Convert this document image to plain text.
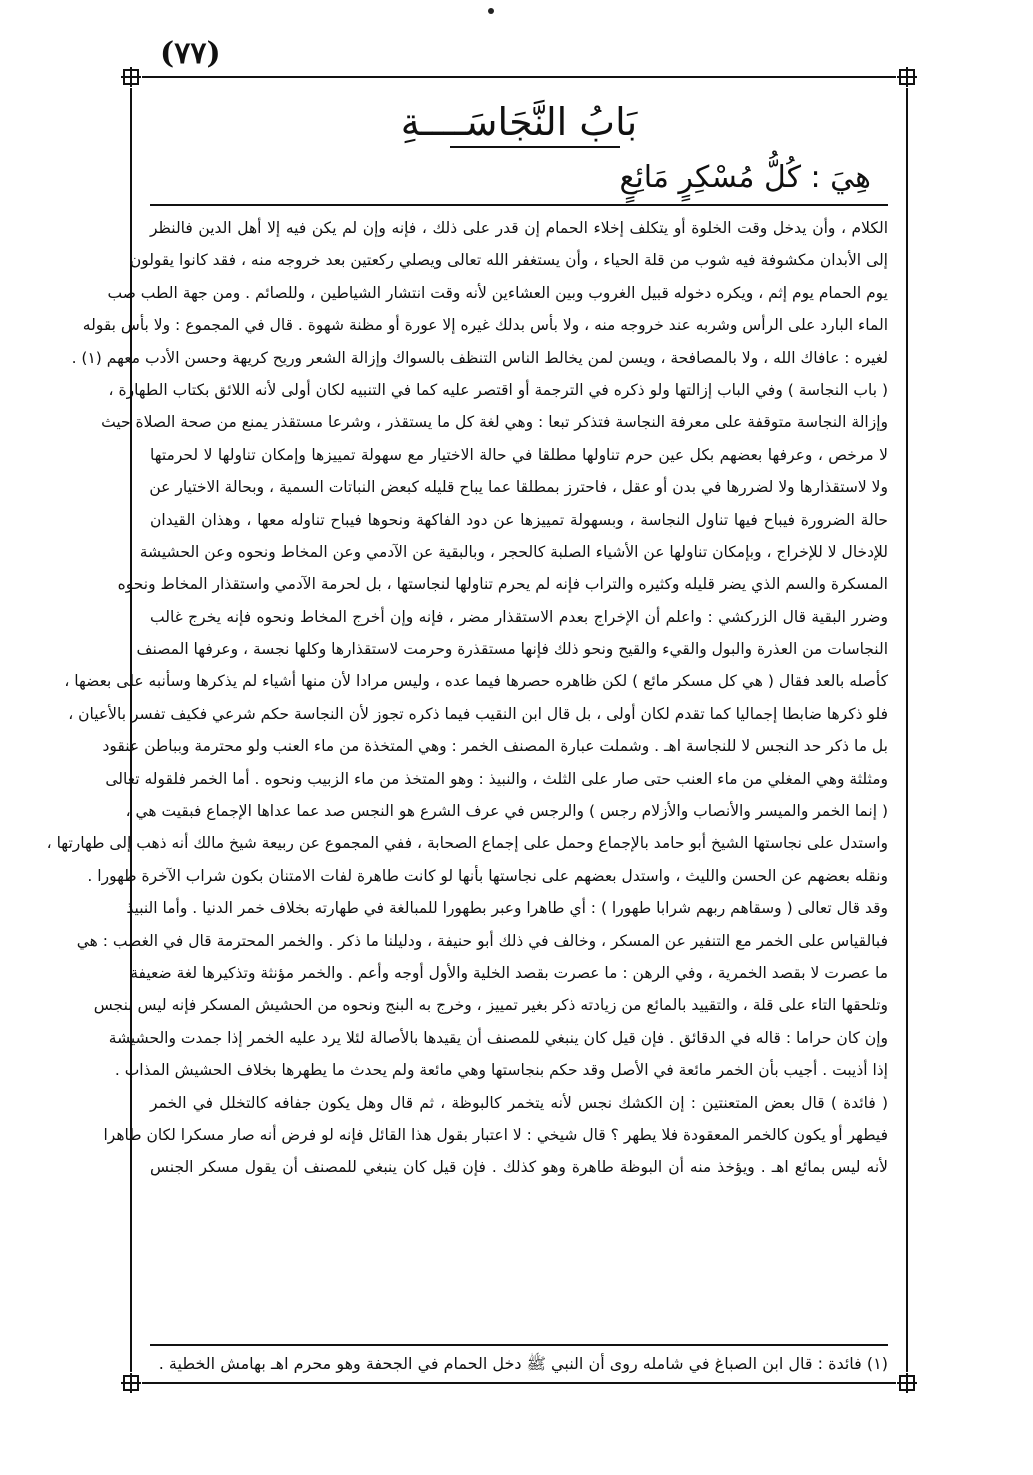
(٧٧)
بَابُ النَّجَاسَــــةِ
هِيَ : كُلُّ مُسْكِرٍ مَائِعٍ
الكلام ، وأن يدخل وقت الخلوة أو يتكلف إخلاء الحمام إن قدر على ذلك ، فإنه وإن لم يكن فيه إلا أهل الدين فالنظر
إلى الأبدان مكشوفة فيه شوب من قلة الحياء ، وأن يستغفر الله تعالى ويصلي ركعتين بعد خروجه منه ، فقد كانوا يقولون
يوم الحمام يوم إثم ، ويكره دخوله قبيل الغروب وبين العشاءين لأنه وقت انتشار الشياطين ، وللصائم . ومن جهة الطب صب
الماء البارد على الرأس وشربه عند خروجه منه ، ولا بأس بدلك غيره إلا عورة أو مظنة شهوة . قال في المجموع : ولا بأس بقوله
لغيره : عافاك الله ، ولا بالمصافحة ، ويسن لمن يخالط الناس التنظف بالسواك وإزالة الشعر وريح كريهة وحسن الأدب معهم (١) .
( باب النجاسة ) وفي الباب إزالتها ولو ذكره في الترجمة أو اقتصر عليه كما في التنبيه لكان أولى لأنه اللائق بكتاب الطهارة ،
وإزالة النجاسة متوقفة على معرفة النجاسة فتذكر تبعا : وهي لغة كل ما يستقذر ، وشرعا مستقذر يمنع من صحة الصلاة حيث
لا مرخص ، وعرفها بعضهم بكل عين حرم تناولها مطلقا في حالة الاختيار مع سهولة تمييزها وإمكان تناولها لا لحرمتها
ولا لاستقذارها ولا لضررها في بدن أو عقل ، فاحترز بمطلقا عما يباح قليله كبعض النباتات السمية ، وبحالة الاختيار عن
حالة الضرورة فيباح فيها تناول النجاسة ، وبسهولة تمييزها عن دود الفاكهة ونحوها فيباح تناوله معها ، وهذان القيدان
للإدخال لا للإخراج ، وبإمكان تناولها عن الأشياء الصلبة كالحجر ، وبالبقية عن الآدمي وعن المخاط ونحوه وعن الحشيشة
المسكرة والسم الذي يضر قليله وكثيره والتراب فإنه لم يحرم تناولها لنجاستها ، بل لحرمة الآدمي واستقذار المخاط ونحوه
وضرر البقية قال الزركشي : واعلم أن الإخراج بعدم الاستقذار مضر ، فإنه وإن أخرج المخاط ونحوه فإنه يخرج غالب
النجاسات من العذرة والبول والقيء والقيح ونحو ذلك فإنها مستقذرة وحرمت لاستقذارها وكلها نجسة ، وعرفها المصنف
كأصله بالعد فقال ( هي كل مسكر مائع ) لكن ظاهره حصرها فيما عده ، وليس مرادا لأن منها أشياء لم يذكرها وسأنبه على بعضها ،
فلو ذكرها ضابطا إجماليا كما تقدم لكان أولى ، بل قال ابن النقيب فيما ذكره تجوز لأن النجاسة حكم شرعي فكيف تفسر بالأعيان ،
بل ما ذكر حد النجس لا للنجاسة اهـ . وشملت عبارة المصنف الخمر : وهي المتخذة من ماء العنب ولو محترمة وبباطن عنقود
ومثلثة وهي المغلي من ماء العنب حتى صار على الثلث ، والنبيذ : وهو المتخذ من ماء الزبيب ونحوه . أما الخمر فلقوله تعالى
( إنما الخمر والميسر والأنصاب والأزلام رجس ) والرجس في عرف الشرع هو النجس صد عما عداها الإجماع فبقيت هي ،
واستدل على نجاستها الشيخ أبو حامد بالإجماع وحمل على إجماع الصحابة ، ففي المجموع عن ربيعة شيخ مالك أنه ذهب إلى طهارتها ،
ونقله بعضهم عن الحسن والليث ، واستدل بعضهم على نجاستها بأنها لو كانت طاهرة لفات الامتنان بكون شراب الآخرة طهورا .
وقد قال تعالى ( وسقاهم ربهم شرابا طهورا ) : أي طاهرا وعبر بطهورا للمبالغة في طهارته بخلاف خمر الدنيا . وأما النبيذ
فبالقياس على الخمر مع التنفير عن المسكر ، وخالف في ذلك أبو حنيفة ، ودليلنا ما ذكر . والخمر المحترمة قال في الغصب : هي
ما عصرت لا بقصد الخمرية ، وفي الرهن : ما عصرت بقصد الخلية والأول أوجه وأعم . والخمر مؤنثة وتذكيرها لغة ضعيفة
وتلحقها التاء على قلة ، والتقييد بالمائع من زيادته ذكر بغير تمييز ، وخرج به البنج ونحوه من الحشيش المسكر فإنه ليس بنجس
وإن كان حراما : قاله في الدقائق . فإن قيل كان ينبغي للمصنف أن يقيدها بالأصالة لئلا يرد عليه الخمر إذا جمدت والحشيشة
إذا أذيبت . أجيب بأن الخمر مائعة في الأصل وقد حكم بنجاستها وهي مائعة ولم يحدث ما يطهرها بخلاف الحشيش المذاب .
( فائدة ) قال بعض المتعنتين : إن الكشك نجس لأنه يتخمر كالبوظة ، ثم قال وهل يكون جفافه كالتخلل في الخمر
فيطهر أو يكون كالخمر المعقودة فلا يطهر ؟ قال شيخي : لا اعتبار بقول هذا القائل فإنه لو فرض أنه صار مسكرا لكان طاهرا
لأنه ليس بمائع اهـ . ويؤخذ منه أن البوظة طاهرة وهو كذلك . فإن قيل كان ينبغي للمصنف أن يقول مسكر الجنس
(١) فائدة : قال ابن الصباغ في شامله روى أن النبي ﷺ دخل الحمام في الجحفة وهو محرم اهـ بهامش الخطية .
